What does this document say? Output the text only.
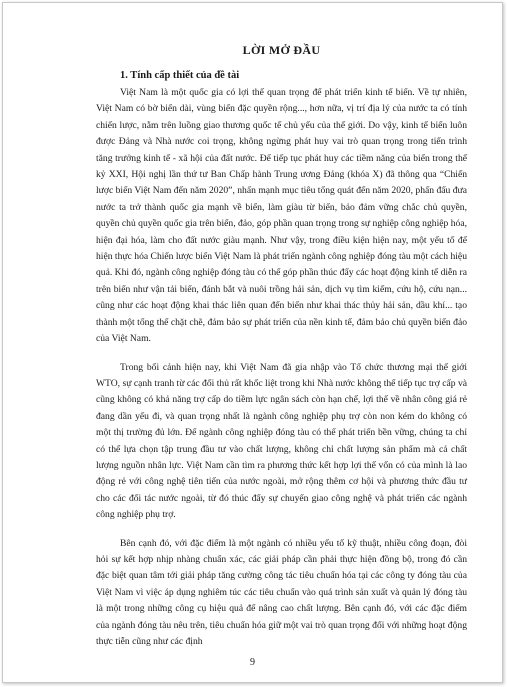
LỜI MỞ ĐẦU
1. Tính cấp thiết của đề tài

Việt Nam là một quốc gia có lợi thế quan trọng để phát triển kinh tế biển. Về tự nhiên, Việt Nam có bờ biển dài, vùng biển đặc quyền rộng..., hơn nữa, vị trí địa lý của nước ta có tính chiến lược, nằm trên luồng giao thương quốc tế chủ yếu của thế giới. Do vậy, kinh tế biển luôn được Đảng và Nhà nước coi trọng, không ngừng phát huy vai trò quan trọng trong tiến trình tăng trưởng kinh tế - xã hội của đất nước. Để tiếp tục phát huy các tiềm năng của biển trong thế kỷ XXI, Hội nghị lần thứ tư Ban Chấp hành Trung ương Đảng (khóa X) đã thông qua “Chiến lược biển Việt Nam đến năm 2020”, nhấn mạnh mục tiêu tổng quát đến năm 2020, phấn đấu đưa nước ta trở thành quốc gia mạnh về biển, làm giàu từ biển, bảo đảm vững chắc chủ quyền, quyền chủ quyền quốc gia trên biển, đảo, góp phần quan trọng trong sự nghiệp công nghiệp hóa, hiện đại hóa, làm cho đất nước giàu mạnh. Như vậy, trong điều kiện hiện nay, một yếu tố để hiện thực hóa Chiến lược biển Việt Nam là phát triển ngành công nghiệp đóng tàu một cách hiệu quả. Khi đó, ngành công nghiệp đóng tàu có thể góp phần thúc đẩy các hoạt động kinh tế diễn ra trên biển như vận tải biển, đánh bắt và nuôi trồng hải sản, dịch vụ tìm kiếm, cứu hộ, cứu nạn... cũng như các hoạt động khai thác liên quan đến biển như khai thác thủy hải sản, dầu khí... tạo thành một tổng thể chặt chẽ, đảm bảo sự phát triển của nền kinh tế, đảm bảo chủ quyền biển đảo của Việt Nam.

Trong bối cảnh hiện nay, khi Việt Nam đã gia nhập vào Tổ chức thương mại thế giới WTO, sự cạnh tranh từ các đối thủ rất khốc liệt trong khi Nhà nước không thể tiếp tục trợ cấp và cũng không có khả năng trợ cấp do tiềm lực ngân sách còn hạn chế, lợi thế về nhân công giá rẻ đang dần yếu đi, và quan trọng nhất là ngành công nghiệp phụ trợ còn non kém do không có một thị trường đủ lớn. Để ngành công nghiệp đóng tàu có thể phát triển bền vững, chúng ta chỉ có thể lựa chọn tập trung đầu tư vào chất lượng, không chỉ chất lượng sản phẩm mà cả chất lượng nguồn nhân lực. Việt Nam cần tìm ra phương thức kết hợp lợi thế vốn có của mình là lao động rẻ với công nghệ tiên tiến của nước ngoài, mở rộng thêm cơ hội và phương thức đầu tư cho các đối tác nước ngoài, từ đó thúc đẩy sự chuyển giao công nghệ và phát triển các ngành công nghiệp phụ trợ.

Bên cạnh đó, với đặc điểm là một ngành có nhiều yếu tố kỹ thuật, nhiều công đoạn, đòi hỏi sự kết hợp nhịp nhàng chuẩn xác, các giải pháp cần phải thực hiện đồng bộ, trong đó cần đặc biệt quan tâm tới giải pháp tăng cường công tác tiêu chuẩn hóa tại các công ty đóng tàu của Việt Nam vì việc áp dụng nghiêm túc các tiêu chuẩn vào quá trình sản xuất và quản lý đóng tàu là một trong những công cụ hiệu quả để nâng cao chất lượng. Bên cạnh đó, với các đặc điểm của ngành đóng tàu nêu trên, tiêu chuẩn hóa giữ một vai trò quan trọng đối với những hoạt động thực tiễn cũng như các định

9
